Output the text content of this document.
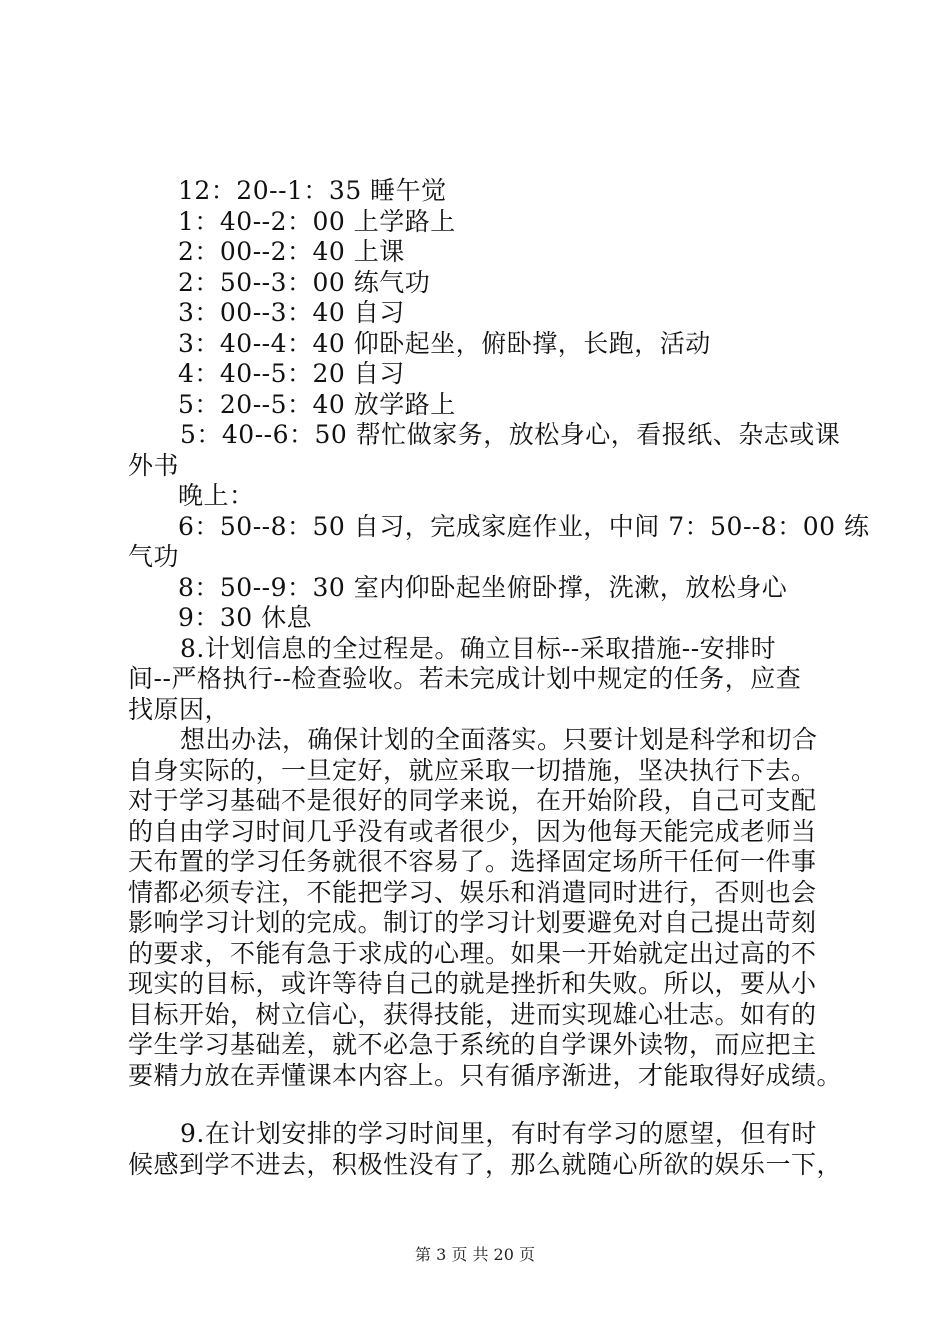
12：20--1：35 睡午觉
1：40--2：00 上学路上
2：00--2：40 上课
2：50--3：00 练气功
3：00--3：40 自习
3：40--4：40 仰卧起坐，俯卧撑，长跑，活动
4：40--5：20 自习
5：20--5：40 放学路上
5：40--6：50 帮忙做家务，放松身心，看报纸、杂志或课
外书
晚上：
6：50--8：50 自习，完成家庭作业，中间 7：50--8：00 练
气功
8：50--9：30 室内仰卧起坐俯卧撑，洗漱，放松身心
9：30 休息
8.计划信息的全过程是。确立目标--采取措施--安排时
间--严格执行--检查验收。若未完成计划中规定的任务，应查
找原因，
想出办法，确保计划的全面落实。只要计划是科学和切合
自身实际的，一旦定好，就应采取一切措施，坚决执行下去。
对于学习基础不是很好的同学来说，在开始阶段，自己可支配
的自由学习时间几乎没有或者很少，因为他每天能完成老师当
天布置的学习任务就很不容易了。选择固定场所干任何一件事
情都必须专注，不能把学习、娱乐和消遣同时进行，否则也会
影响学习计划的完成。制订的学习计划要避免对自己提出苛刻
的要求，不能有急于求成的心理。如果一开始就定出过高的不
现实的目标，或许等待自己的就是挫折和失败。所以，要从小
目标开始，树立信心，获得技能，进而实现雄心壮志。如有的
学生学习基础差，就不必急于系统的自学课外读物，而应把主
要精力放在弄懂课本内容上。只有循序渐进，才能取得好成绩。
9.在计划安排的学习时间里，有时有学习的愿望，但有时
候感到学不进去，积极性没有了，那么就随心所欲的娱乐一下，
第 3 页 共 20 页
